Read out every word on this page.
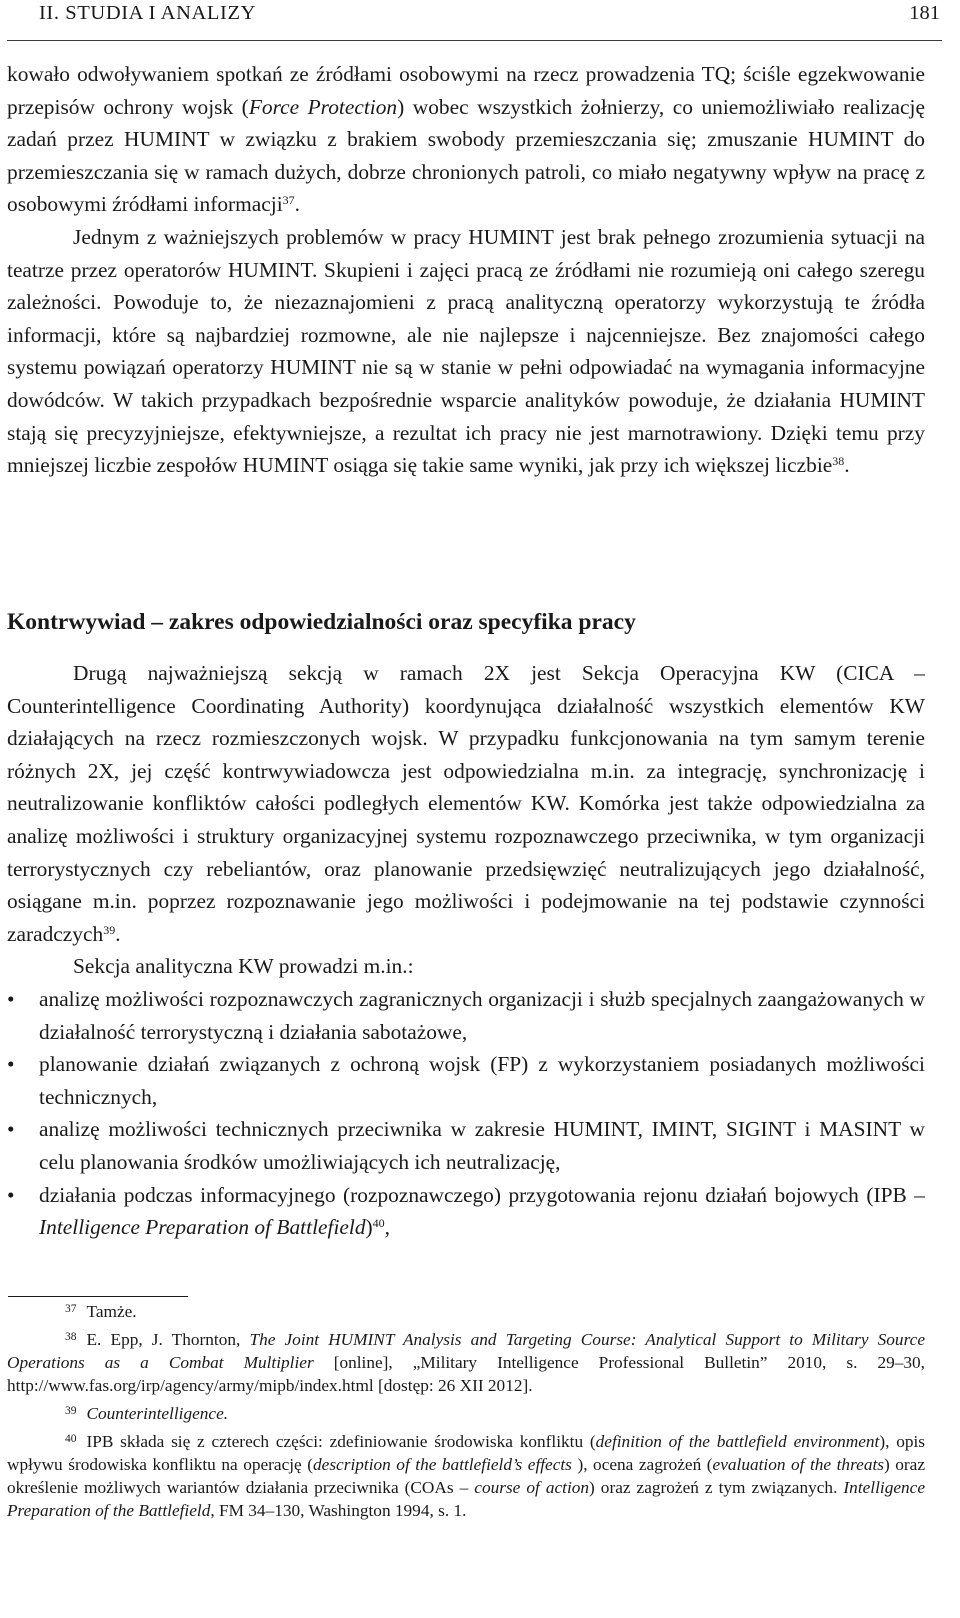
II. STUDIA I ANALIZY	181

kowało odwoływaniem spotkań ze źródłami osobowymi na rzecz prowadzenia TQ; ściśle egzekwowanie przepisów ochrony wojsk (Force Protection) wobec wszystkich żołnierzy, co uniemożliwiało realizację zadań przez HUMINT w związku z brakiem swobody przemieszczania się; zmuszanie HUMINT do przemieszczania się w ramach dużych, dobrze chronionych patroli, co miało negatywny wpływ na pracę z osobowymi źródłami informacji$^{37}$.

Jednym z ważniejszych problemów w pracy HUMINT jest brak pełnego zrozumienia sytuacji na teatrze przez operatorów HUMINT. Skupieni i zajęci pracą ze źródłami nie rozumieją oni całego szeregu zależności. Powoduje to, że niezaznajomieni z pracą analityczną operatorzy wykorzystują te źródła informacji, które są najbardziej rozmowne, ale nie najlepsze i najcenniejsze. Bez znajomości całego systemu powiązań operatorzy HUMINT nie są w stanie w pełni odpowiadać na wymagania informacyjne dowódców. W takich przypadkach bezpośrednie wsparcie analityków powoduje, że działania HUMINT stają się precyzyjniejsze, efektywniejsze, a rezultat ich pracy nie jest marnotrawiony. Dzięki temu przy mniejszej liczbie zespołów HUMINT osiąga się takie same wyniki, jak przy ich większej liczbie$^{38}$.

Kontrwywiad – zakres odpowiedzialności oraz specyfika pracy

Drugą najważniejszą sekcją w ramach 2X jest Sekcja Operacyjna KW (CICA – Counterintelligence Coordinating Authority) koordynująca działalność wszystkich elementów KW działających na rzecz rozmieszczonych wojsk. W przypadku funkcjonowania na tym samym terenie różnych 2X, jej część kontrwywiadowcza jest odpowiedzialna m.in. za integrację, synchronizację i neutralizowanie konfliktów całości podległych elementów KW. Komórka jest także odpowiedzialna za analizę możliwości i struktury organizacyjnej systemu rozpoznawczego przeciwnika, w tym organizacji terrorystycznych czy rebeliantów, oraz planowanie przedsięwzięć neutralizujących jego działalność, osiągane m.in. poprzez rozpoznawanie jego możliwości i podejmowanie na tej podstawie czynności zaradczych$^{39}$.

Sekcja analityczna KW prowadzi m.in.:

• analizę możliwości rozpoznawczych zagranicznych organizacji i służb specjalnych zaangażowanych w działalność terrorystyczną i działania sabotażowe,
• planowanie działań związanych z ochroną wojsk (FP) z wykorzystaniem posiadanych możliwości technicznych,
• analizę możliwości technicznych przeciwnika w zakresie HUMINT, IMINT, SIGINT i MASINT w celu planowania środków umożliwiających ich neutralizację,
• działania podczas informacyjnego (rozpoznawczego) przygotowania rejonu działań bojowych (IPB – Intelligence Preparation of Battlefield)$^{40}$,

$^{37}$ Tamże.

$^{38}$ E. Epp, J. Thornton, The Joint HUMINT Analysis and Targeting Course: Analytical Support to Military Source Operations as a Combat Multiplier [online], „Military Intelligence Professional Bulletin” 2010, s. 29–30, http://www.fas.org/irp/agency/army/mipb/index.html [dostęp: 26 XII 2012].

$^{39}$ Counterintelligence.

$^{40}$ IPB składa się z czterech części: zdefiniowanie środowiska konfliktu (definition of the battlefield environment), opis wpływu środowiska konfliktu na operację (description of the battlefield’s effects ), ocena zagrożeń (evaluation of the threats) oraz określenie możliwych wariantów działania przeciwnika (COAs – course of action) oraz zagrożeń z tym związanych. Intelligence Preparation of the Battlefield, FM 34–130, Washington 1994, s. 1.
